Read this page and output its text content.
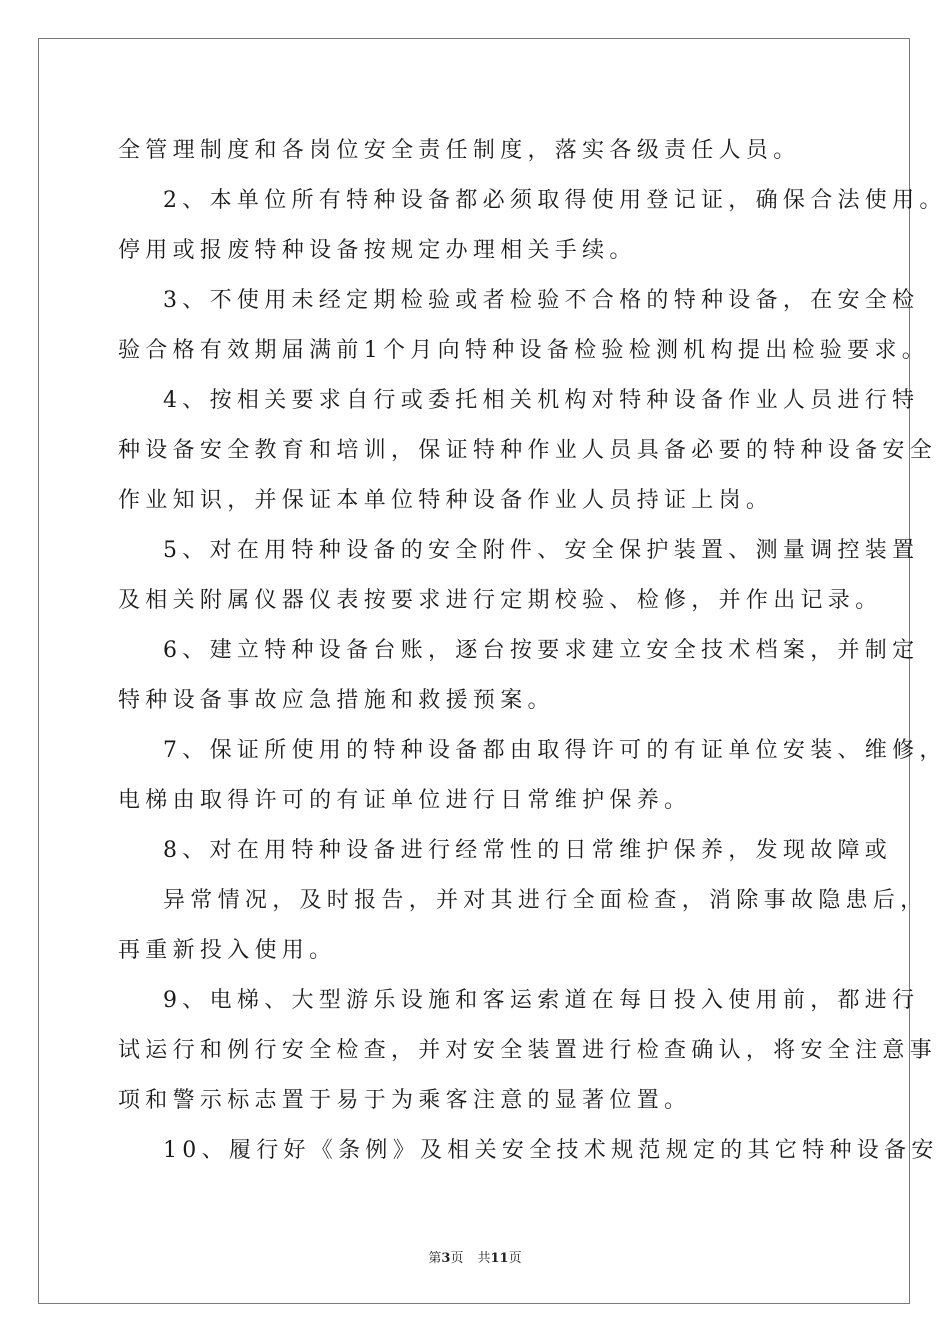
全管理制度和各岗位安全责任制度，落实各级责任人员。
2、本单位所有特种设备都必须取得使用登记证，确保合法使用。
停用或报废特种设备按规定办理相关手续。
3、不使用未经定期检验或者检验不合格的特种设备，在安全检
验合格有效期届满前1个月向特种设备检验检测机构提出检验要求。
4、按相关要求自行或委托相关机构对特种设备作业人员进行特
种设备安全教育和培训，保证特种作业人员具备必要的特种设备安全
作业知识，并保证本单位特种设备作业人员持证上岗。
5、对在用特种设备的安全附件、安全保护装置、测量调控装置
及相关附属仪器仪表按要求进行定期校验、检修，并作出记录。
6、建立特种设备台账，逐台按要求建立安全技术档案，并制定
特种设备事故应急措施和救援预案。
7、保证所使用的特种设备都由取得许可的有证单位安装、维修，
电梯由取得许可的有证单位进行日常维护保养。
8、对在用特种设备进行经常性的日常维护保养，发现故障或
异常情况，及时报告，并对其进行全面检查，消除事故隐患后，
再重新投入使用。
9、电梯、大型游乐设施和客运索道在每日投入使用前，都进行
试运行和例行安全检查，并对安全装置进行检查确认，将安全注意事
项和警示标志置于易于为乘客注意的显著位置。
10、履行好《条例》及相关安全技术规范规定的其它特种设备安
第3页 共11页
